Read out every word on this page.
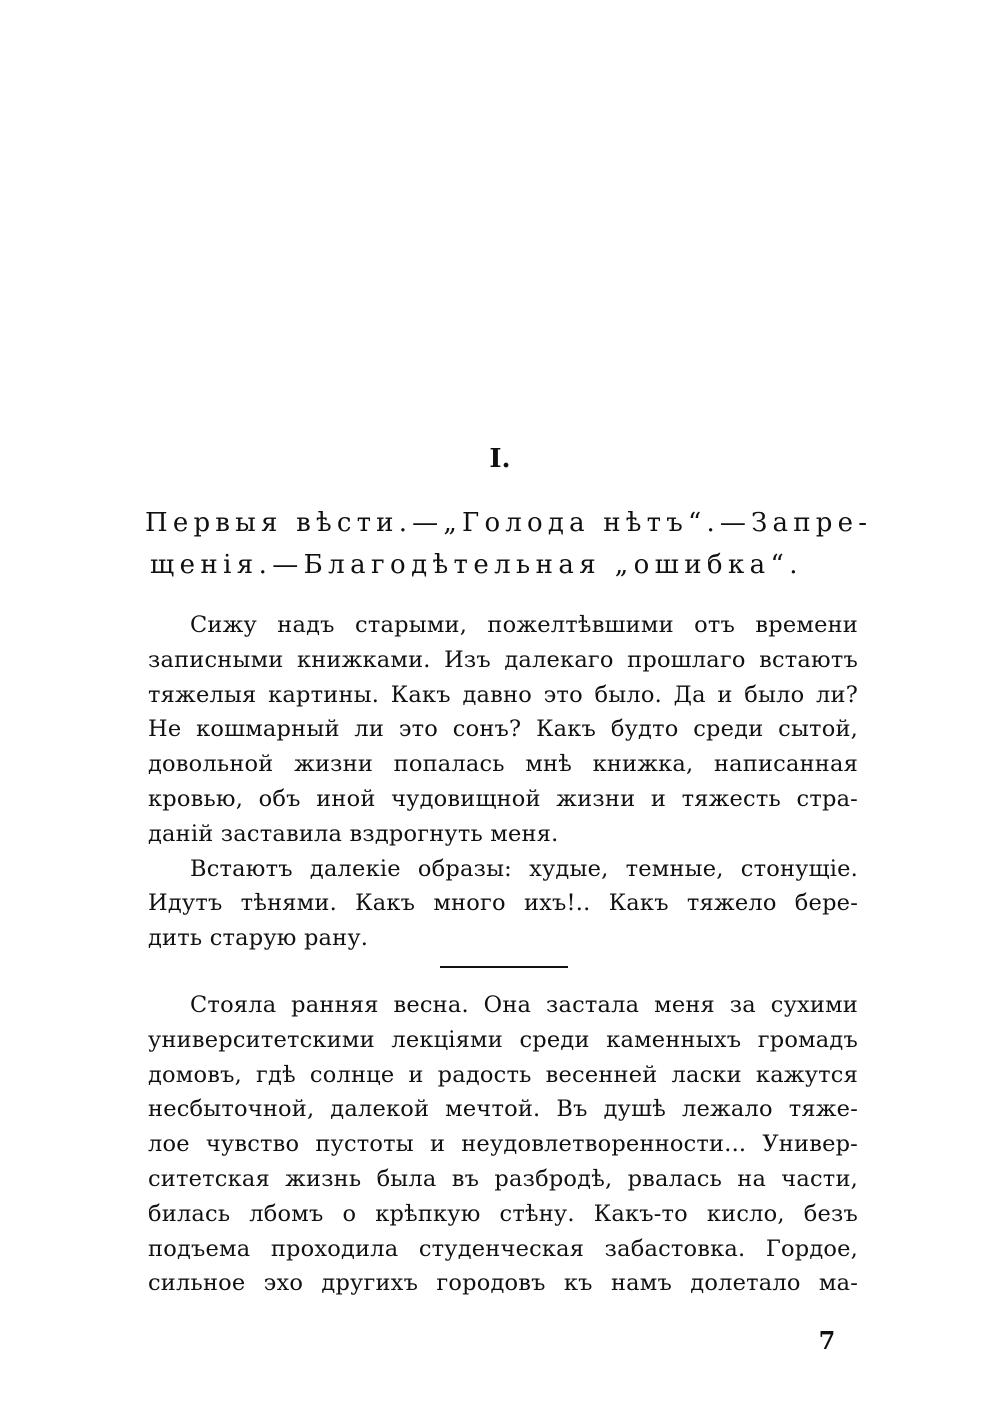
I.
Первыя вѣсти.—„Голода нѣтъ“.—Запре-
щенія.—Благодѣтельная „ошибка“.
Сижу надъ старыми, пожелтѣвшими отъ времени
записными книжками. Изъ далекаго прошлаго встаютъ
тяжелыя картины. Какъ давно это было. Да и было ли?
Не кошмарный ли это сонъ? Какъ будто среди сытой,
довольной жизни попалась мнѣ книжка, написанная
кровью, объ иной чудовищной жизни и тяжесть стра-
даній заставила вздрогнуть меня.
Встаютъ далекіе образы: худые, темные, стонущіе.
Идутъ тѣнями. Какъ много ихъ!.. Какъ тяжело бере-
дить старую рану.
Стояла ранняя весна. Она застала меня за сухими
университетскими лекціями среди каменныхъ громадъ
домовъ, гдѣ солнце и радость весенней ласки кажутся
несбыточной, далекой мечтой. Въ душѣ лежало тяже-
лое чувство пустоты и неудовлетворенности... Унивeр-
ситетская жизнь была въ разбродѣ, рвалась на части,
билась лбомъ о крѣпкую стѣну. Какъ-то кисло, безъ
подъема проходила студенческая забастовка. Гордое,
сильное эхо другихъ городовъ къ намъ долетало ма-
7
